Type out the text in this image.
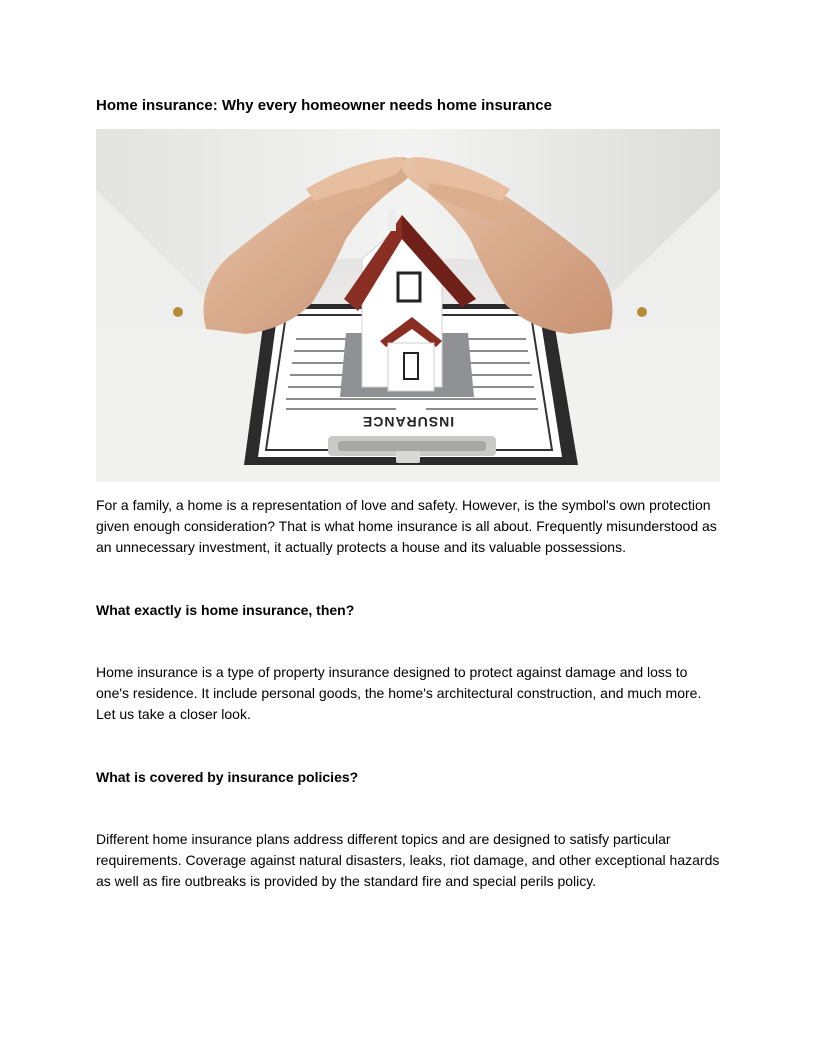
Home insurance: Why every homeowner needs home insurance
INSURANCE

For a family, a home is a representation of love and safety. However, is the symbol's own protection given enough consideration? That is what home insurance is all about. Frequently misunderstood as an unnecessary investment, it actually protects a house and its valuable possessions.

What exactly is home insurance, then?

Home insurance is a type of property insurance designed to protect against damage and loss to one's residence. It include personal goods, the home's architectural construction, and much more. Let us take a closer look.

What is covered by insurance policies?

Different home insurance plans address different topics and are designed to satisfy particular requirements. Coverage against natural disasters, leaks, riot damage, and other exceptional hazards as well as fire outbreaks is provided by the standard fire and special perils policy.
